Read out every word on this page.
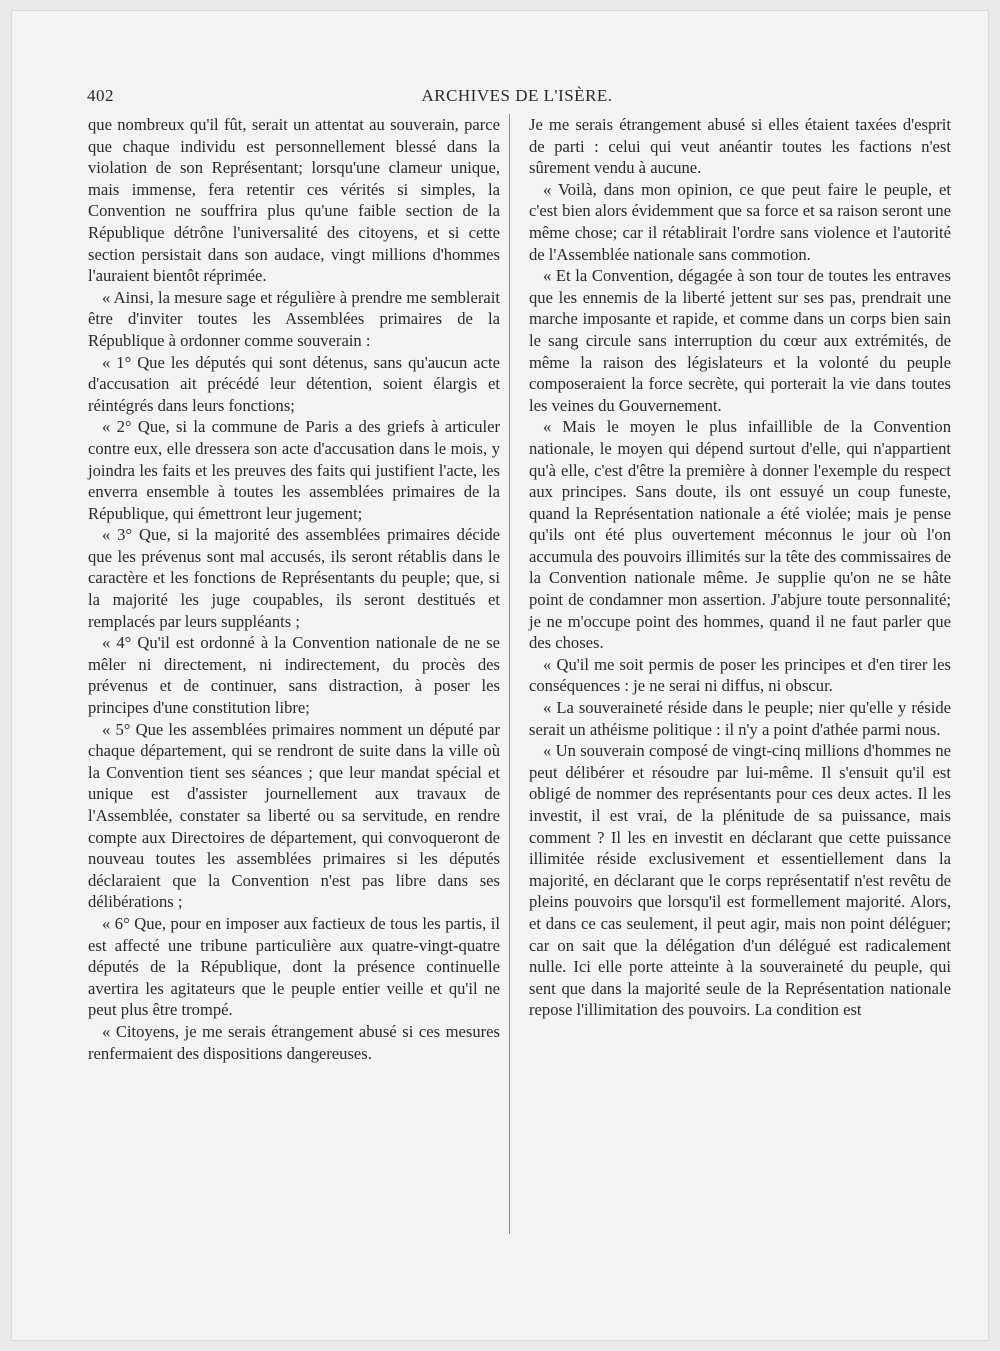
402	ARCHIVES DE L'ISÈRE.

que nombreux qu'il fût, serait un attentat au souverain, parce que chaque individu est personnellement blessé dans la violation de son Représentant; lorsqu'une clameur unique, mais immense, fera retentir ces vérités si simples, la Convention ne souffrira plus qu'une faible section de la République détrône l'universalité des citoyens, et si cette section persistait dans son audace, vingt millions d'hommes l'auraient bientôt réprimée.

« Ainsi, la mesure sage et régulière à prendre me semblerait être d'inviter toutes les Assemblées primaires de la République à ordonner comme souverain :

« 1° Que les députés qui sont détenus, sans qu'aucun acte d'accusation ait précédé leur détention, soient élargis et réintégrés dans leurs fonctions;

« 2° Que, si la commune de Paris a des griefs à articuler contre eux, elle dressera son acte d'accusation dans le mois, y joindra les faits et les preuves des faits qui justifient l'acte, les enverra ensemble à toutes les assemblées primaires de la République, qui émettront leur jugement;

« 3° Que, si la majorité des assemblées primaires décide que les prévenus sont mal accusés, ils seront rétablis dans le caractère et les fonctions de Représentants du peuple; que, si la majorité les juge coupables, ils seront destitués et remplacés par leurs suppléants ;

« 4° Qu'il est ordonné à la Convention nationale de ne se mêler ni directement, ni indirectement, du procès des prévenus et de continuer, sans distraction, à poser les principes d'une constitution libre;

« 5° Que les assemblées primaires nomment un député par chaque département, qui se rendront de suite dans la ville où la Convention tient ses séances ; que leur mandat spécial et unique est d'assister journellement aux travaux de l'Assemblée, constater sa liberté ou sa servitude, en rendre compte aux Directoires de département, qui convoqueront de nouveau toutes les assemblées primaires si les députés déclaraient que la Convention n'est pas libre dans ses délibérations ;

« 6° Que, pour en imposer aux factieux de tous les partis, il est affecté une tribune particulière aux quatre-vingt-quatre députés de la République, dont la présence continuelle avertira les agitateurs que le peuple entier veille et qu'il ne peut plus être trompé.

« Citoyens, je me serais étrangement abusé si ces mesures renfermaient des dispositions dangereuses.

Je me serais étrangement abusé si elles étaient taxées d'esprit de parti : celui qui veut anéantir toutes les factions n'est sûrement vendu à aucune.

« Voilà, dans mon opinion, ce que peut faire le peuple, et c'est bien alors évidemment que sa force et sa raison seront une même chose; car il rétablirait l'ordre sans violence et l'autorité de l'Assemblée nationale sans commotion.

« Et la Convention, dégagée à son tour de toutes les entraves que les ennemis de la liberté jettent sur ses pas, prendrait une marche imposante et rapide, et comme dans un corps bien sain le sang circule sans interruption du cœur aux extrémités, de même la raison des législateurs et la volonté du peuple composeraient la force secrète, qui porterait la vie dans toutes les veines du Gouvernement.

« Mais le moyen le plus infaillible de la Convention nationale, le moyen qui dépend surtout d'elle, qui n'appartient qu'à elle, c'est d'être la première à donner l'exemple du respect aux principes. Sans doute, ils ont essuyé un coup funeste, quand la Représentation nationale a été violée; mais je pense qu'ils ont été plus ouvertement méconnus le jour où l'on accumula des pouvoirs illimités sur la tête des commissaires de la Convention nationale même. Je supplie qu'on ne se hâte point de condamner mon assertion. J'abjure toute personnalité; je ne m'occupe point des hommes, quand il ne faut parler que des choses.

« Qu'il me soit permis de poser les principes et d'en tirer les conséquences : je ne serai ni diffus, ni obscur.

« La souveraineté réside dans le peuple; nier qu'elle y réside serait un athéisme politique : il n'y a point d'athée parmi nous.

« Un souverain composé de vingt-cinq millions d'hommes ne peut délibérer et résoudre par lui-même. Il s'ensuit qu'il est obligé de nommer des représentants pour ces deux actes. Il les investit, il est vrai, de la plénitude de sa puissance, mais comment ? Il les en investit en déclarant que cette puissance illimitée réside exclusivement et essentiellement dans la majorité, en déclarant que le corps représentatif n'est revêtu de pleins pouvoirs que lorsqu'il est formellement majorité. Alors, et dans ce cas seulement, il peut agir, mais non point déléguer; car on sait que la délégation d'un délégué est radicalement nulle. Ici elle porte atteinte à la souveraineté du peuple, qui sent que dans la majorité seule de la Représentation nationale repose l'illimitation des pouvoirs. La condition est
